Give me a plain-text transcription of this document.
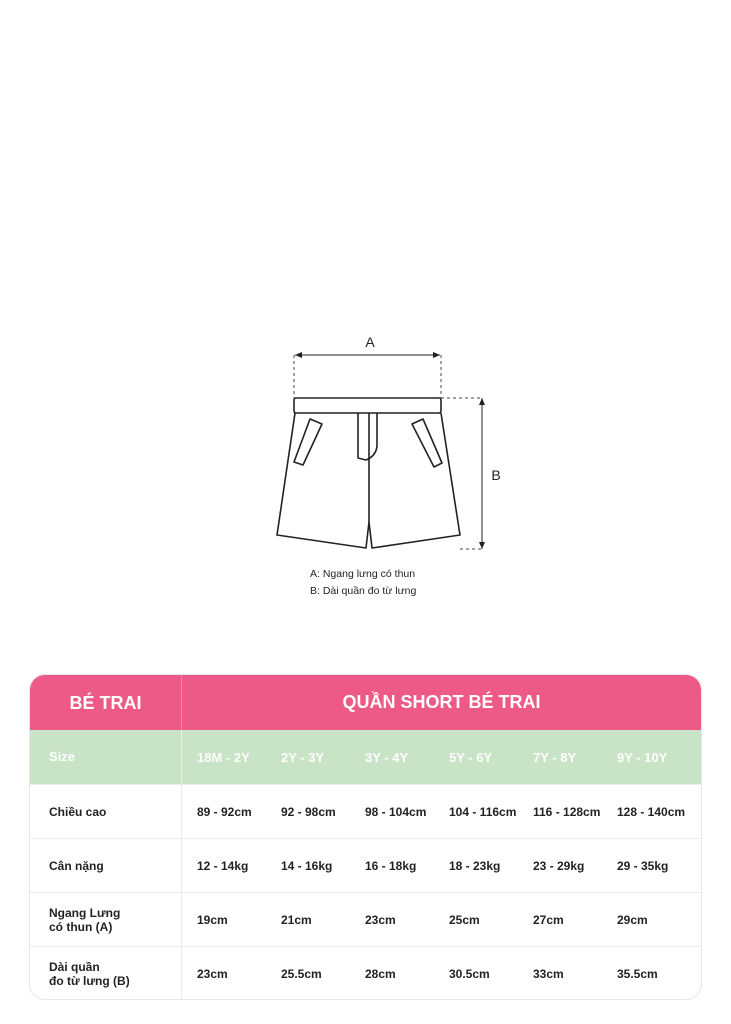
A
B
A: Ngang lưng có thun
B: Dài quần đo từ lưng
BÉ TRAI	QUẦN SHORT BÉ TRAI
Size	18M - 2Y	2Y - 3Y	3Y - 4Y	5Y - 6Y	7Y - 8Y	9Y - 10Y
Chiều cao	89 - 92cm	92 - 98cm	98 - 104cm	104 - 116cm	116 - 128cm	128 - 140cm
Cân nặng	12 - 14kg	14 - 16kg	16 - 18kg	18 - 23kg	23 - 29kg	29 - 35kg
Ngang Lưng
có thun (A)	19cm	21cm	23cm	25cm	27cm	29cm
Dài quần
đo từ lưng (B)	23cm	25.5cm	28cm	30.5cm	33cm	35.5cm
